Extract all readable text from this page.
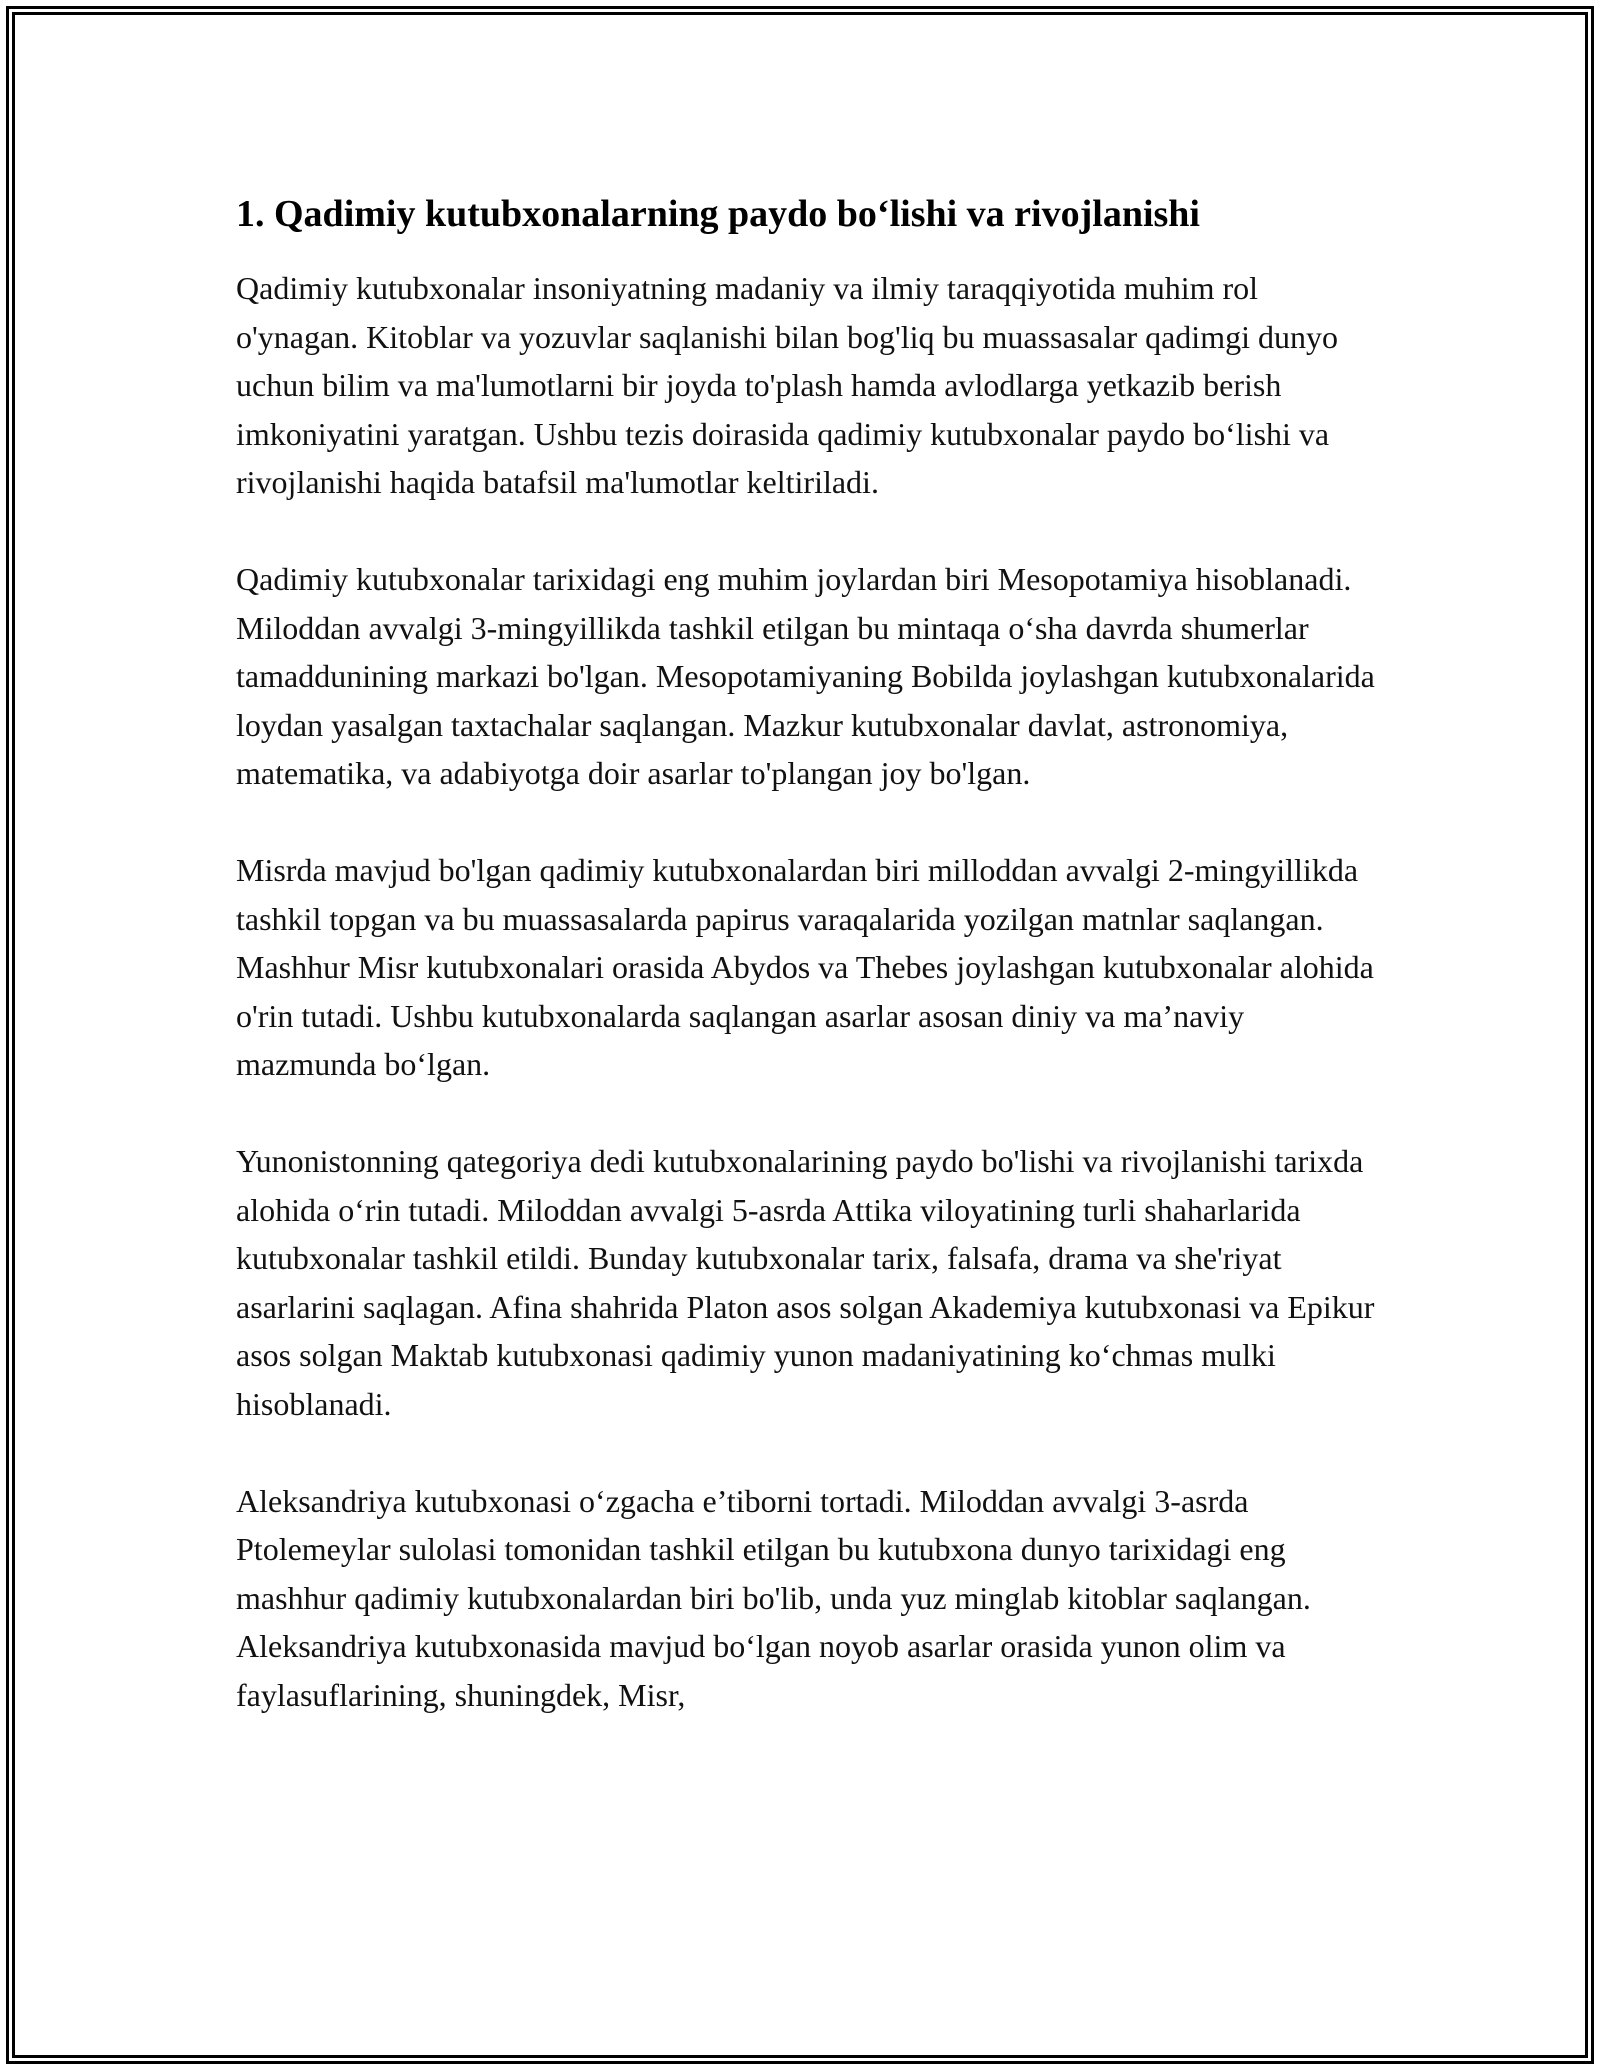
1. Qadimiy kutubxonalarning paydo bo‘lishi va rivojlanishi

Qadimiy kutubxonalar insoniyatning madaniy va ilmiy taraqqiyotida muhim rol o'ynagan. Kitoblar va yozuvlar saqlanishi bilan bog'liq bu muassasalar qadimgi dunyo uchun bilim va ma'lumotlarni bir joyda to'plash hamda avlodlarga yetkazib berish imkoniyatini yaratgan. Ushbu tezis doirasida qadimiy kutubxonalar paydo bo‘lishi va rivojlanishi haqida batafsil ma'lumotlar keltiriladi.

Qadimiy kutubxonalar tarixidagi eng muhim joylardan biri Mesopotamiya hisoblanadi. Miloddan avvalgi 3-mingyillikda tashkil etilgan bu mintaqa o‘sha davrda shumerlar tamaddunining markazi bo'lgan. Mesopotamiyaning Bobilda joylashgan kutubxonalarida loydan yasalgan taxtachalar saqlangan. Mazkur kutubxonalar davlat, astronomiya, matematika, va adabiyotga doir asarlar to'plangan joy bo'lgan.

Misrda mavjud bo'lgan qadimiy kutubxonalardan biri milloddan avvalgi 2-mingyillikda tashkil topgan va bu muassasalarda papirus varaqalarida yozilgan matnlar saqlangan. Mashhur Misr kutubxonalari orasida Abydos va Thebes joylashgan kutubxonalar alohida o'rin tutadi. Ushbu kutubxonalarda saqlangan asarlar asosan diniy va ma’naviy mazmunda bo‘lgan.

Yunonistonning qategoriya dedi kutubxonalarining paydo bo'lishi va rivojlanishi tarixda alohida o‘rin tutadi. Miloddan avvalgi 5-asrda Attika viloyatining turli shaharlarida kutubxonalar tashkil etildi. Bunday kutubxonalar tarix, falsafa, drama va she'riyat asarlarini saqlagan. Afina shahrida Platon asos solgan Akademiya kutubxonasi va Epikur asos solgan Maktab kutubxonasi qadimiy yunon madaniyatining ko‘chmas mulki hisoblanadi.

Aleksandriya kutubxonasi o‘zgacha e’tiborni tortadi. Miloddan avvalgi 3-asrda Ptolemeylar sulolasi tomonidan tashkil etilgan bu kutubxona dunyo tarixidagi eng mashhur qadimiy kutubxonalardan biri bo'lib, unda yuz minglab kitoblar saqlangan. Aleksandriya kutubxonasida mavjud bo‘lgan noyob asarlar orasida yunon olim va faylasuflarining, shuningdek, Misr,
